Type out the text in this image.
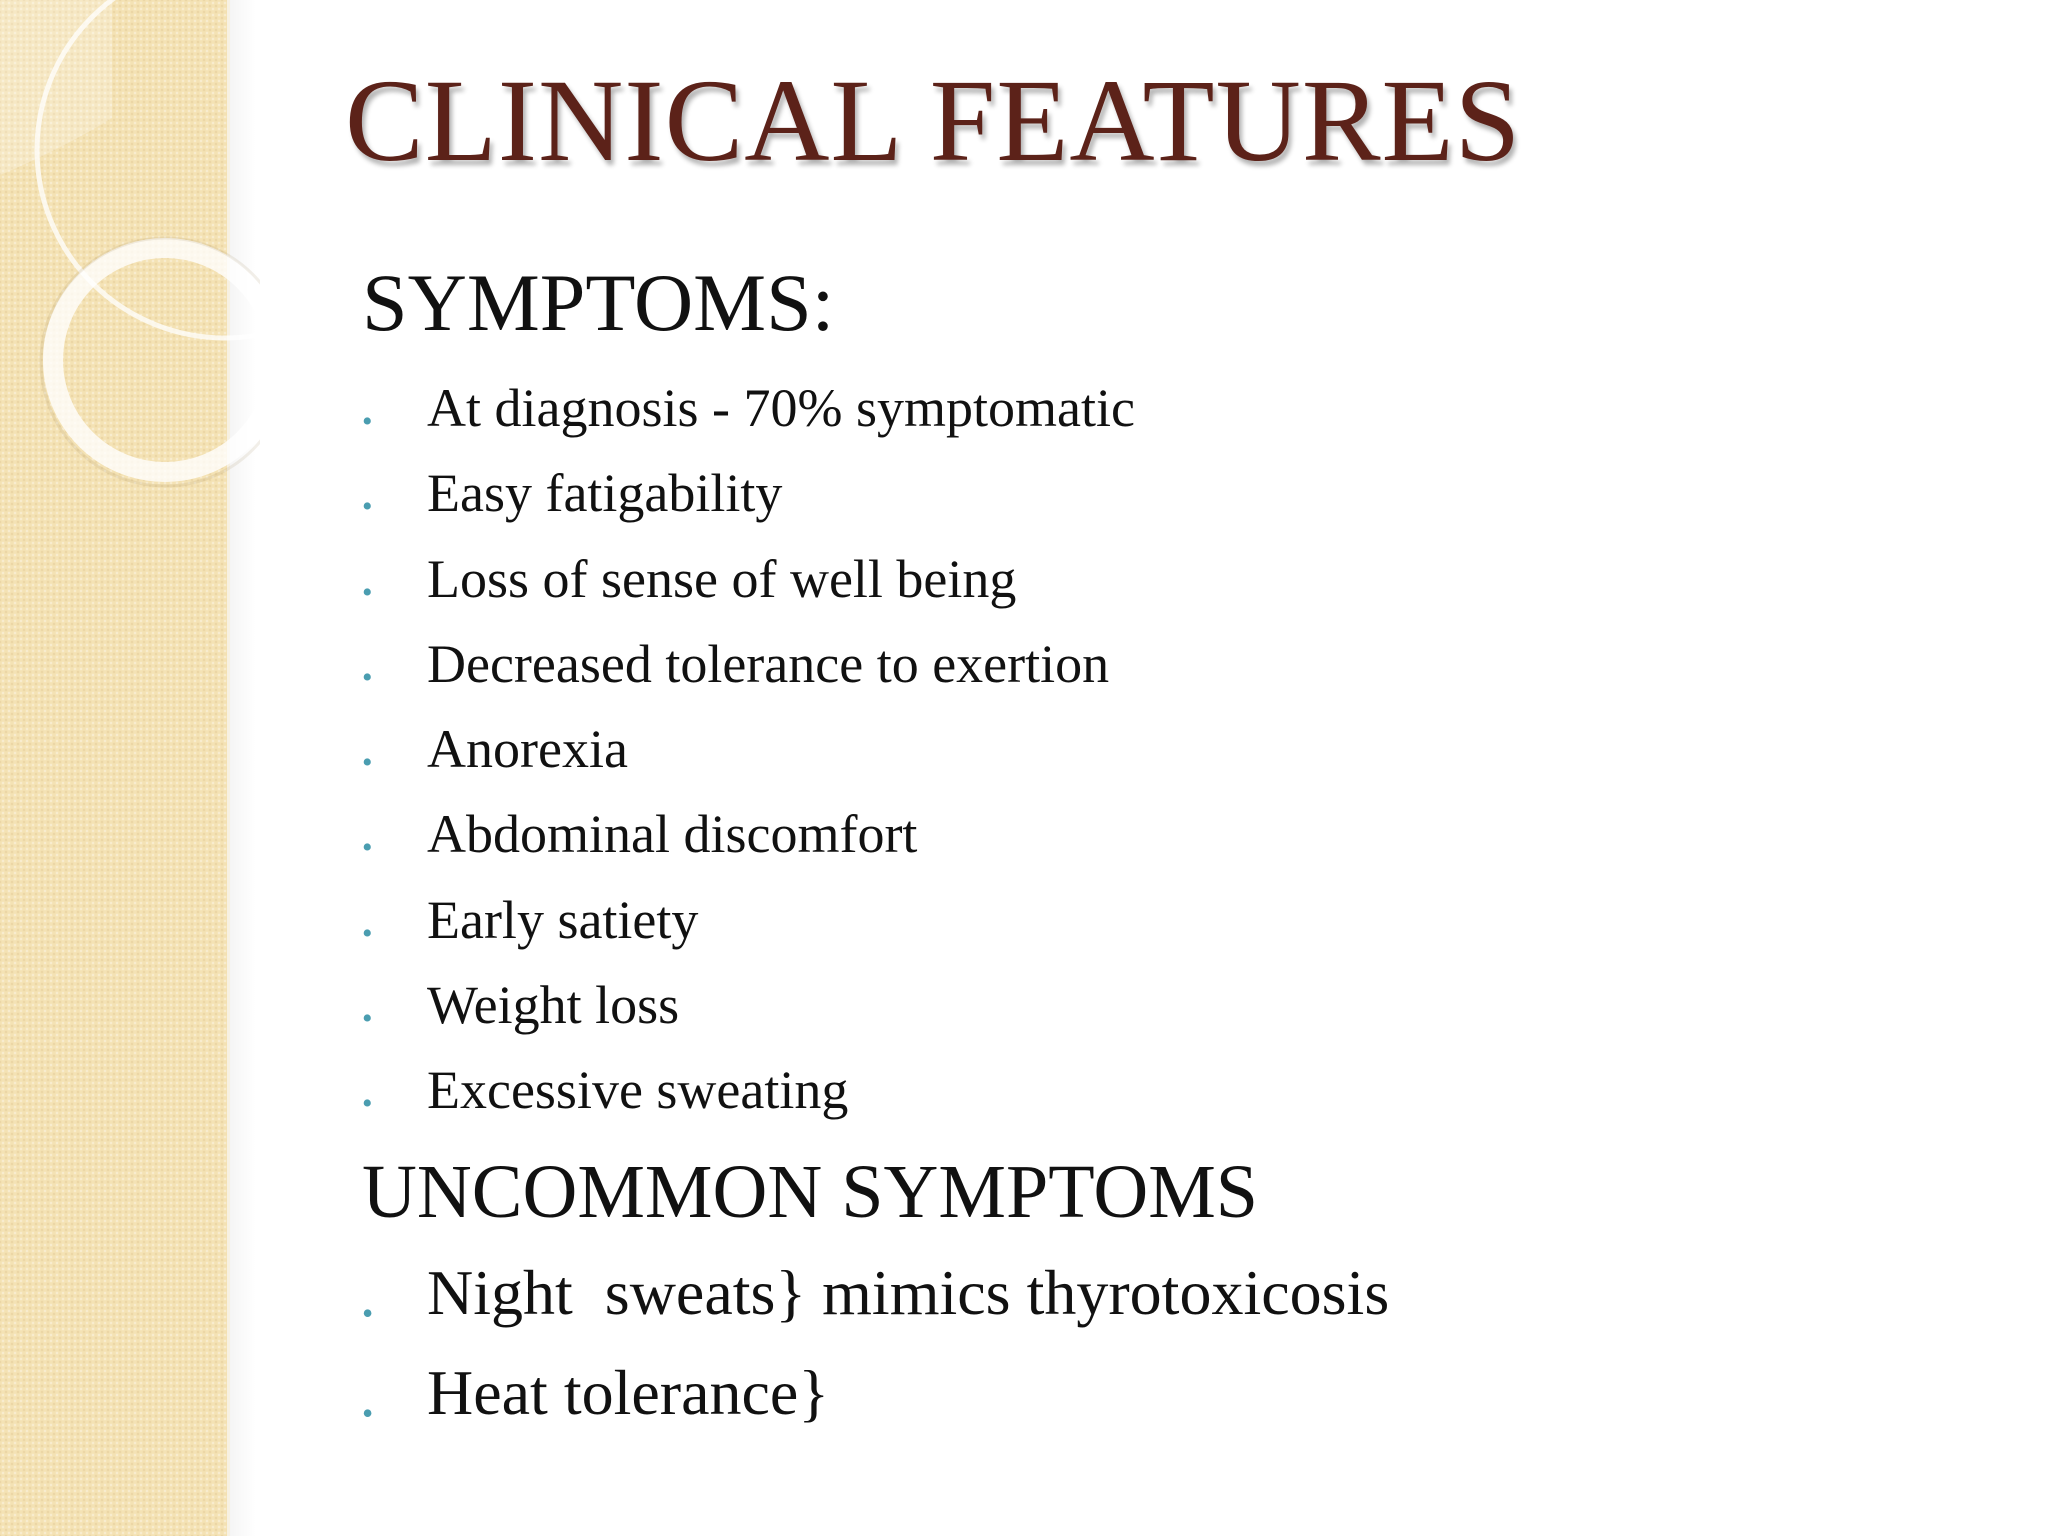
CLINICAL FEATURES
SYMPTOMS:
• At diagnosis - 70% symptomatic
• Easy fatigability
• Loss of sense of well being
• Decreased tolerance to exertion
• Anorexia
• Abdominal discomfort
• Early satiety
• Weight loss
• Excessive sweating
UNCOMMON SYMPTOMS
• Night  sweats} mimics thyrotoxicosis
• Heat tolerance}
